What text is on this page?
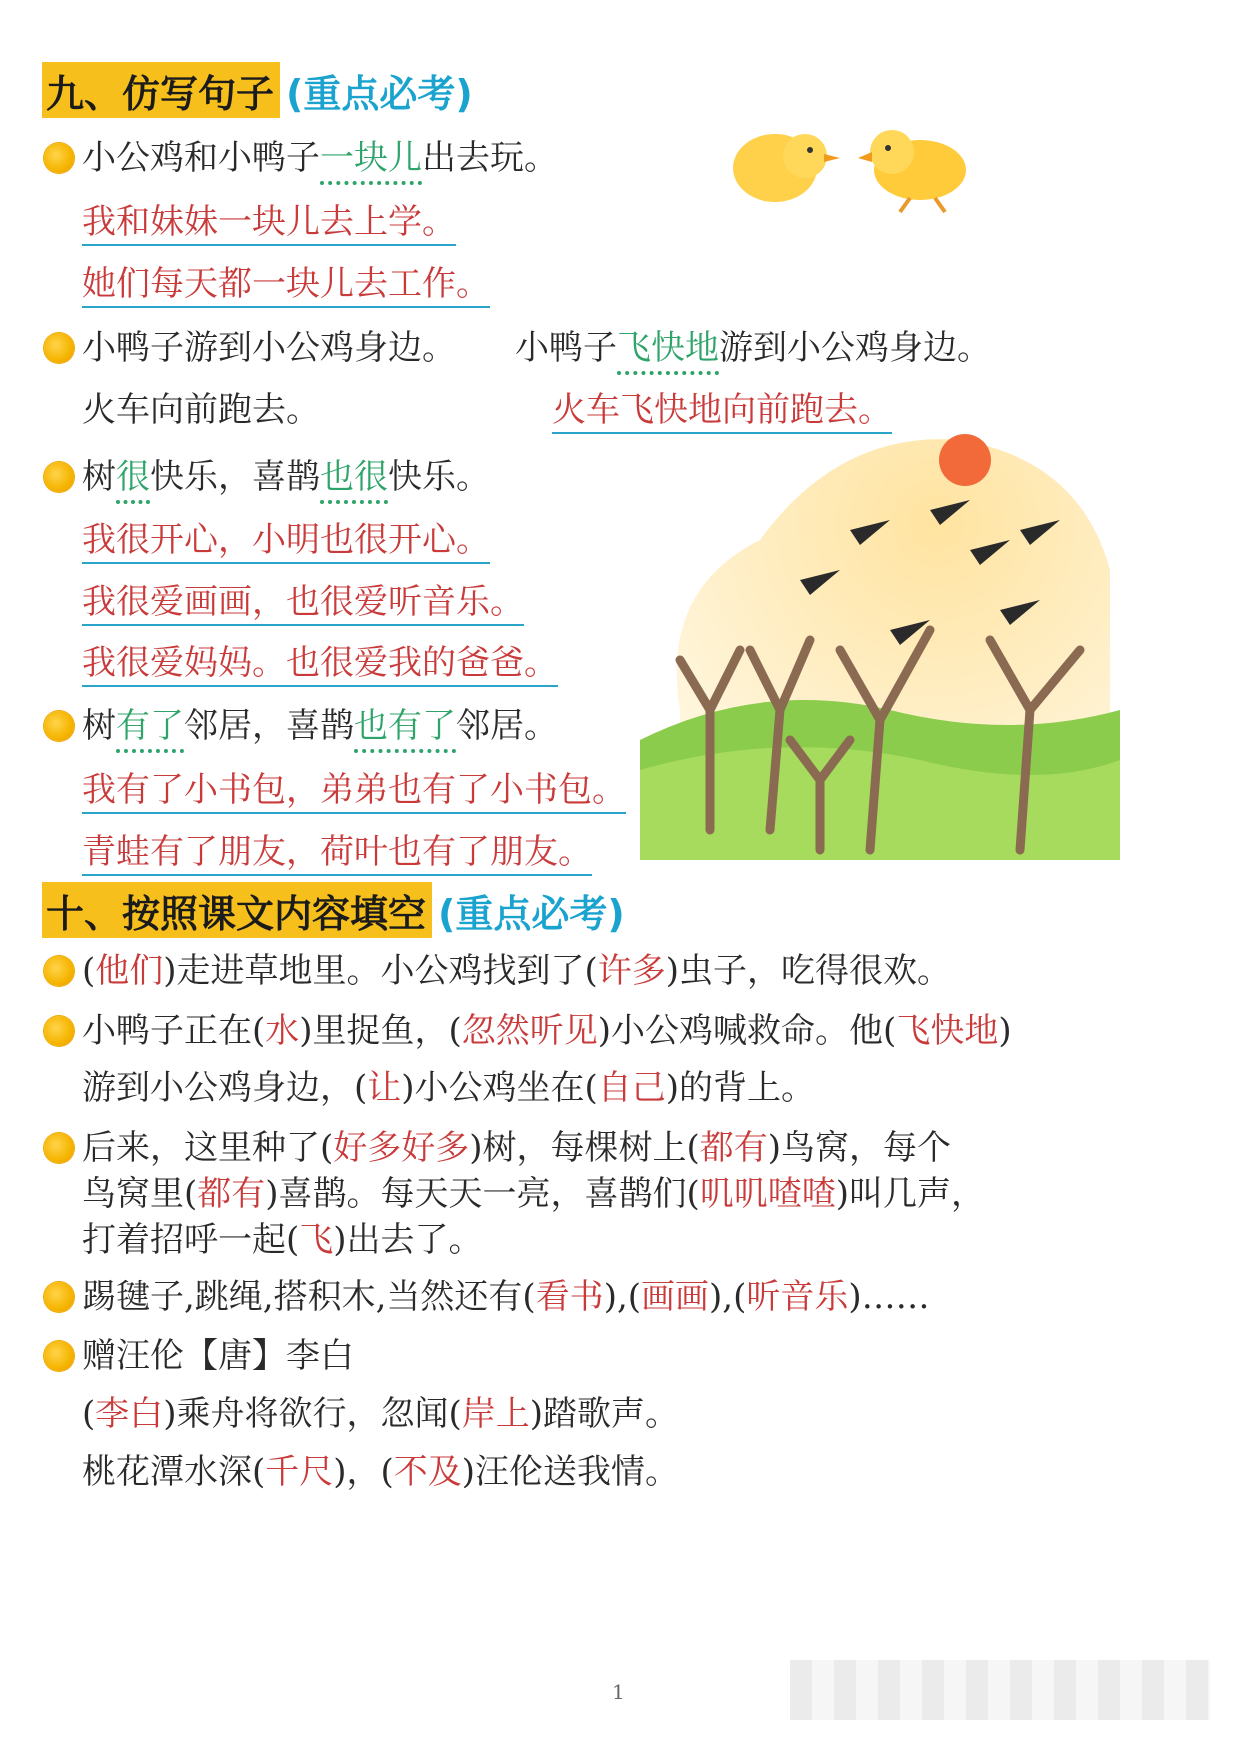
九、仿写句子 (重点必考)
小公鸡和小鸭子一块儿出去玩。
我和妹妹一块儿去上学。
她们每天都一块儿去工作。
小鸭子游到小公鸡身边。 小鸭子飞快地游到小公鸡身边。
火车向前跑去。	火车飞快地向前跑去。
树很快乐，喜鹊也很快乐。
我很开心，小明也很开心。
我很爱画画，也很爱听音乐。
我很爱妈妈。也很爱我的爸爸。
树有了邻居，喜鹊也有了邻居。
我有了小书包，弟弟也有了小书包。
青蛙有了朋友，荷叶也有了朋友。
十、按照课文内容填空 (重点必考)
(他们)走进草地里。小公鸡找到了(许多)虫子，吃得很欢。
小鸭子正在(水)里捉鱼，(忽然听见)小公鸡喊救命。他(飞快地)
游到小公鸡身边，(让)小公鸡坐在(自己)的背上。
后来，这里种了(好多好多)树，每棵树上(都有)鸟窝，每个
鸟窝里(都有)喜鹊。每天天一亮，喜鹊们(叽叽喳喳)叫几声，
打着招呼一起(飞)出去了。
踢毽子,跳绳,搭积木,当然还有(看书),(画画),(听音乐)……
赠汪伦【唐】李白
(李白)乘舟将欲行，忽闻(岸上)踏歌声。
桃花潭水深(千尺)，(不及)汪伦送我情。
1
